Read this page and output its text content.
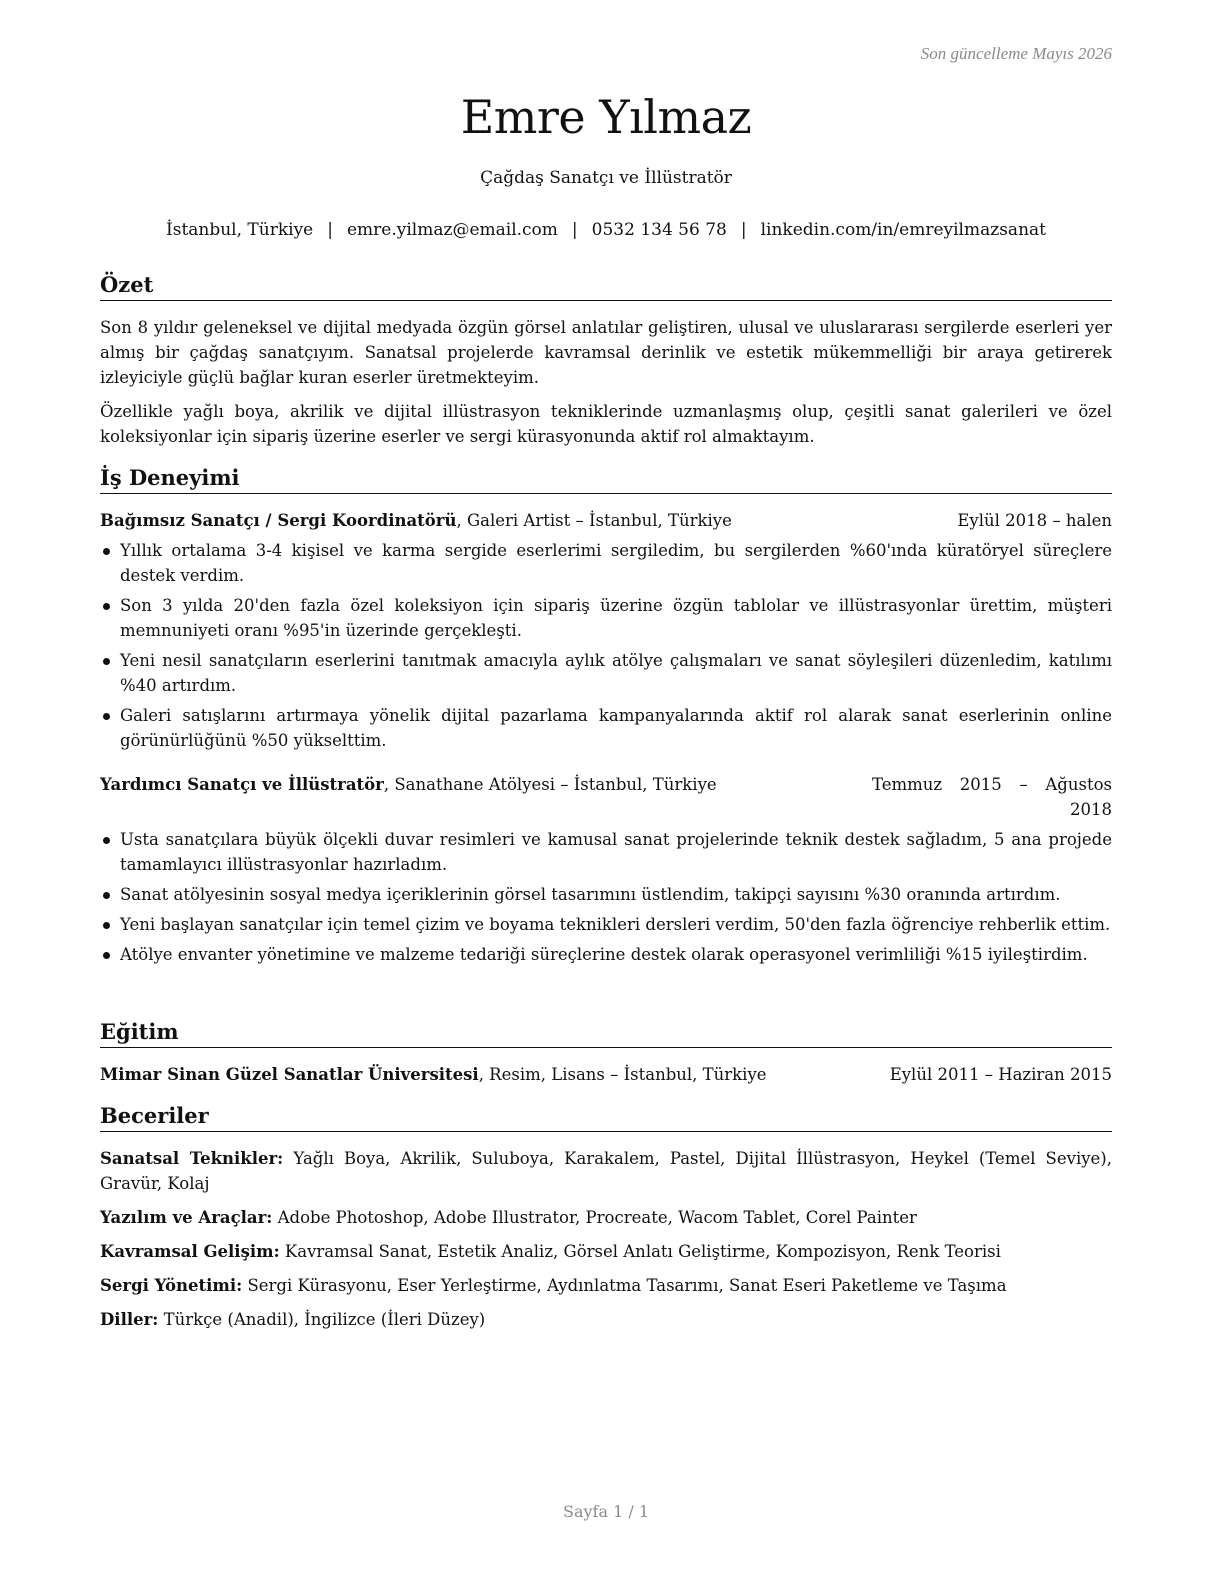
Son güncelleme Mayıs 2026
Emre Yılmaz
Çağdaş Sanatçı ve İllüstratör
İstanbul, Türkiye | emre.yilmaz@email.com | 0532 134 56 78 | linkedin.com/in/emreyilmazsanat
Özet

Son 8 yıldır geleneksel ve dijital medyada özgün görsel anlatılar geliştiren, ulusal ve uluslararası sergilerde eserleri yer almış bir çağdaş sanatçıyım. Sanatsal projelerde kavramsal derinlik ve estetik mükemmelliği bir araya getirerek izleyiciyle güçlü bağlar kuran eserler üretmekteyim.

Özellikle yağlı boya, akrilik ve dijital illüstrasyon tekniklerinde uzmanlaşmış olup, çeşitli sanat galerileri ve özel koleksiyonlar için sipariş üzerine eserler ve sergi kürasyonunda aktif rol almaktayım.

İş Deneyimi
Bağımsız Sanatçı / Sergi Koordinatörü, Galeri Artist – İstanbul, Türkiye	Eylül 2018 – halen
Yıllık ortalama 3-4 kişisel ve karma sergide eserlerimi sergiledim, bu sergilerden %60'ında küratöryel süreçlere destek verdim.
Son 3 yılda 20'den fazla özel koleksiyon için sipariş üzerine özgün tablolar ve illüstrasyonlar ürettim, müşteri memnuniyeti oranı %95'in üzerinde gerçekleşti.
Yeni nesil sanatçıların eserlerini tanıtmak amacıyla aylık atölye çalışmaları ve sanat söyleşileri düzenledim, katılımı %40 artırdım.
Galeri satışlarını artırmaya yönelik dijital pazarlama kampanyalarında aktif rol alarak sanat eserlerinin online görünürlüğünü %50 yükselttim.
Yardımcı Sanatçı ve İllüstratör, Sanathane Atölyesi – İstanbul, Türkiye	Temmuz 2015 – Ağustos 2018
Usta sanatçılara büyük ölçekli duvar resimleri ve kamusal sanat projelerinde teknik destek sağladım, 5 ana projede tamamlayıcı illüstrasyonlar hazırladım.
Sanat atölyesinin sosyal medya içeriklerinin görsel tasarımını üstlendim, takipçi sayısını %30 oranında artırdım.
Yeni başlayan sanatçılar için temel çizim ve boyama teknikleri dersleri verdim, 50'den fazla öğrenciye rehberlik ettim.
Atölye envanter yönetimine ve malzeme tedariği süreçlerine destek olarak operasyonel verimliliği %15 iyileştirdim.
Eğitim
Mimar Sinan Güzel Sanatlar Üniversitesi, Resim, Lisans – İstanbul, Türkiye	Eylül 2011 – Haziran 2015
Beceriler

Sanatsal Teknikler: Yağlı Boya, Akrilik, Suluboya, Karakalem, Pastel, Dijital İllüstrasyon, Heykel (Temel Seviye), Gravür, Kolaj

Yazılım ve Araçlar: Adobe Photoshop, Adobe Illustrator, Procreate, Wacom Tablet, Corel Painter

Kavramsal Gelişim: Kavramsal Sanat, Estetik Analiz, Görsel Anlatı Geliştirme, Kompozisyon, Renk Teorisi

Sergi Yönetimi: Sergi Kürasyonu, Eser Yerleştirme, Aydınlatma Tasarımı, Sanat Eseri Paketleme ve Taşıma

Diller: Türkçe (Anadil), İngilizce (İleri Düzey)

Sayfa 1 / 1
